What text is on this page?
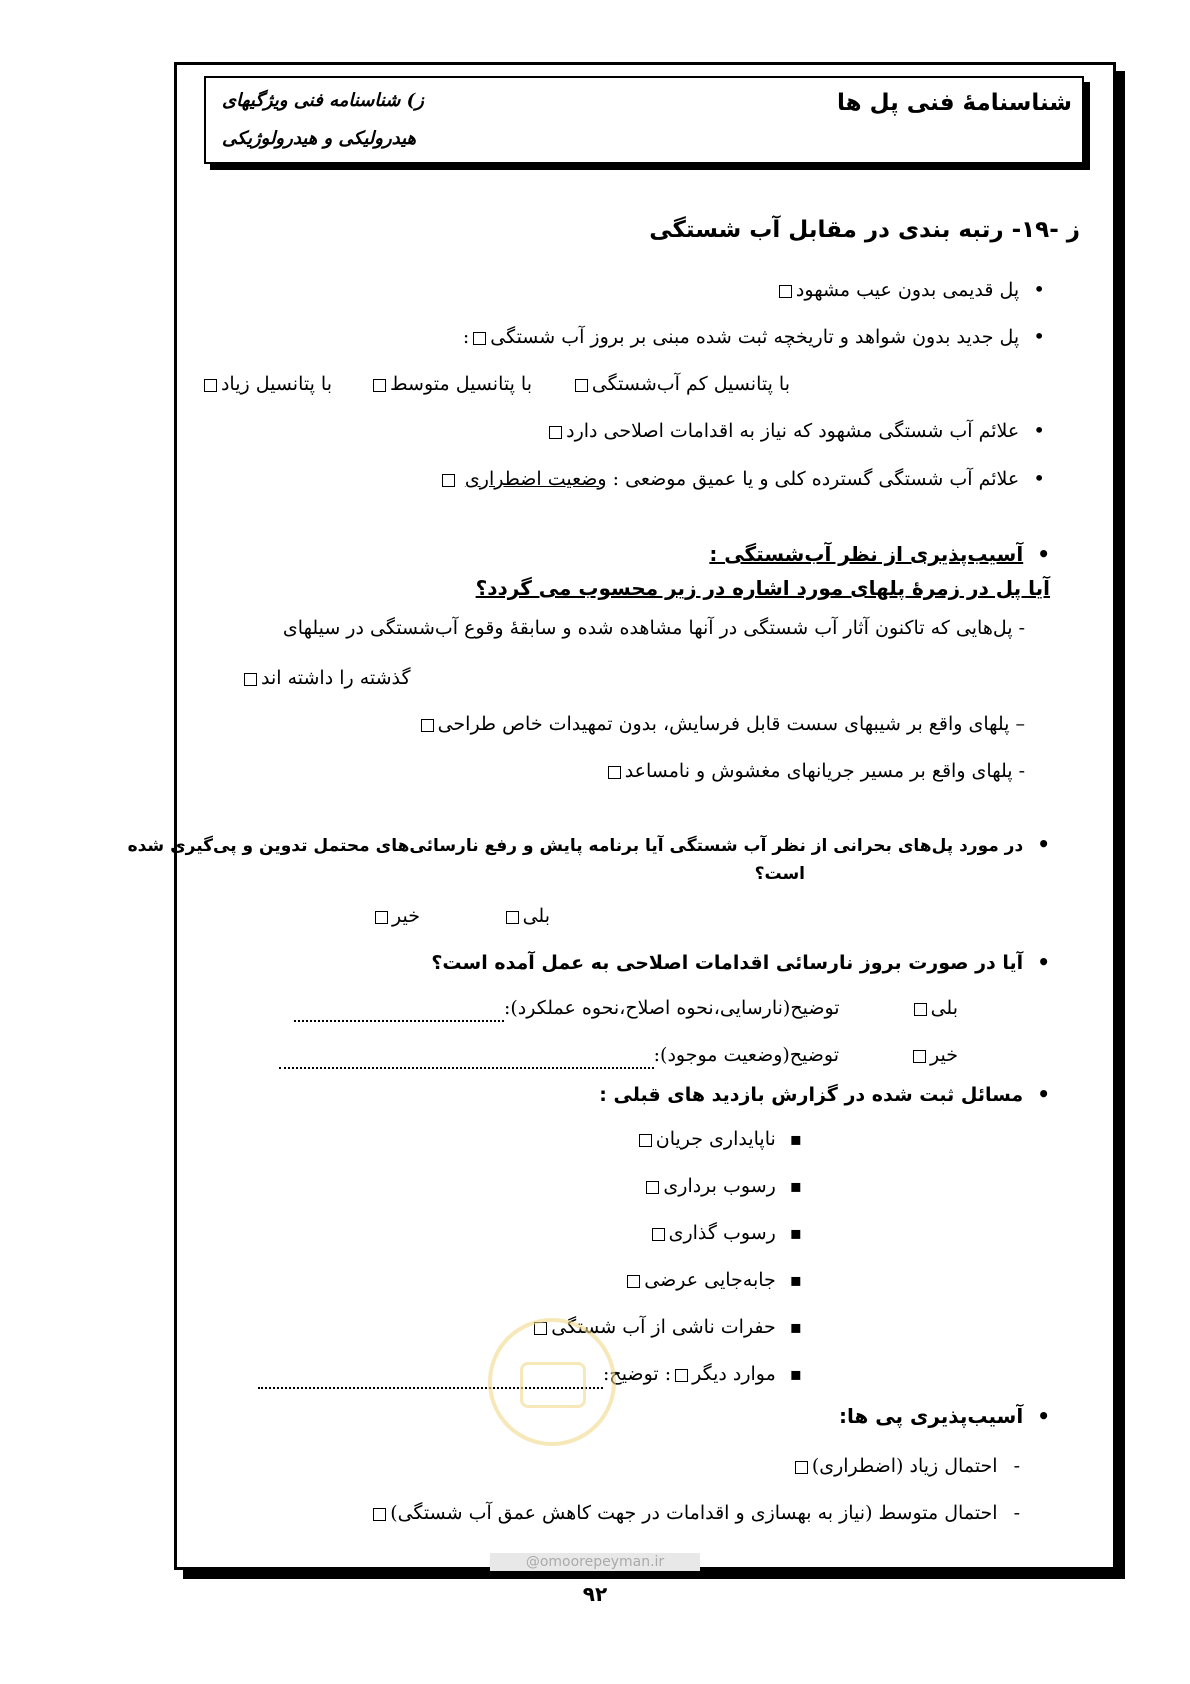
شناسنامهٔ فنی پل ها
ز) شناسنامه فنی ویژگیهای
هیدرولیکی و هیدرولوژیکی
ز -۱۹- رتبه بندی در مقابل آب شستگی
• پل قدیمی بدون عیب مشهود
• پل جدید بدون شواهد و تاریخچه ثبت شده مبنی بر بروز آب شستگی:
با پتانسیل کم آب‌شستگی
با پتانسیل متوسط
با پتانسیل زیاد
• علائم آب شستگی مشهود که نیاز به اقدامات اصلاحی دارد
• علائم آب شستگی گسترده کلی و یا عمیق موضعی : وضعیت اضطراری
• آسیب‌پذیری از نظر آب‌شستگی :
آیا پل در زمرهٔ پلهای مورد اشاره در زیر محسوب می گردد؟
- پل‌هایی که تاکنون آثار آب شستگی در آنها مشاهده شده و سابقهٔ وقوع آب‌شستگی در سیلهای
گذشته را داشته اند
– پلهای واقع بر شیبهای سست قابل فرسایش، بدون تمهیدات خاص طراحی
- پلهای واقع بر مسیر جریانهای مغشوش و نامساعد
• در مورد پل‌های بحرانی از نظر آب شستگی آیا برنامه پایش و رفع نارسائی‌های محتمل تدوین و پی‌گیری شده
است؟
بلی
خیر
• آیا در صورت بروز نارسائی اقدامات اصلاحی به عمل آمده است؟
بلیتوضیح(نارسایی،نحوه اصلاح،نحوه عملکرد):
خیرتوضیح(وضعیت موجود):
• مسائل ثبت شده در گزارش بازدید های قبلی :
▪ ناپایداری جریان
▪ رسوب برداری
▪ رسوب گذاری
▪ جابه‌جایی عرضی
▪ حفرات ناشی از آب شستگی
▪ موارد دیگر: توضیح:
• آسیب‌پذیری پی ها:
-احتمال زیاد (اضطراری)
-احتمال متوسط (نیاز به بهسازی و اقدامات در جهت کاهش عمق آب شستگی)
@omoorepeyman.ir
۹۲
